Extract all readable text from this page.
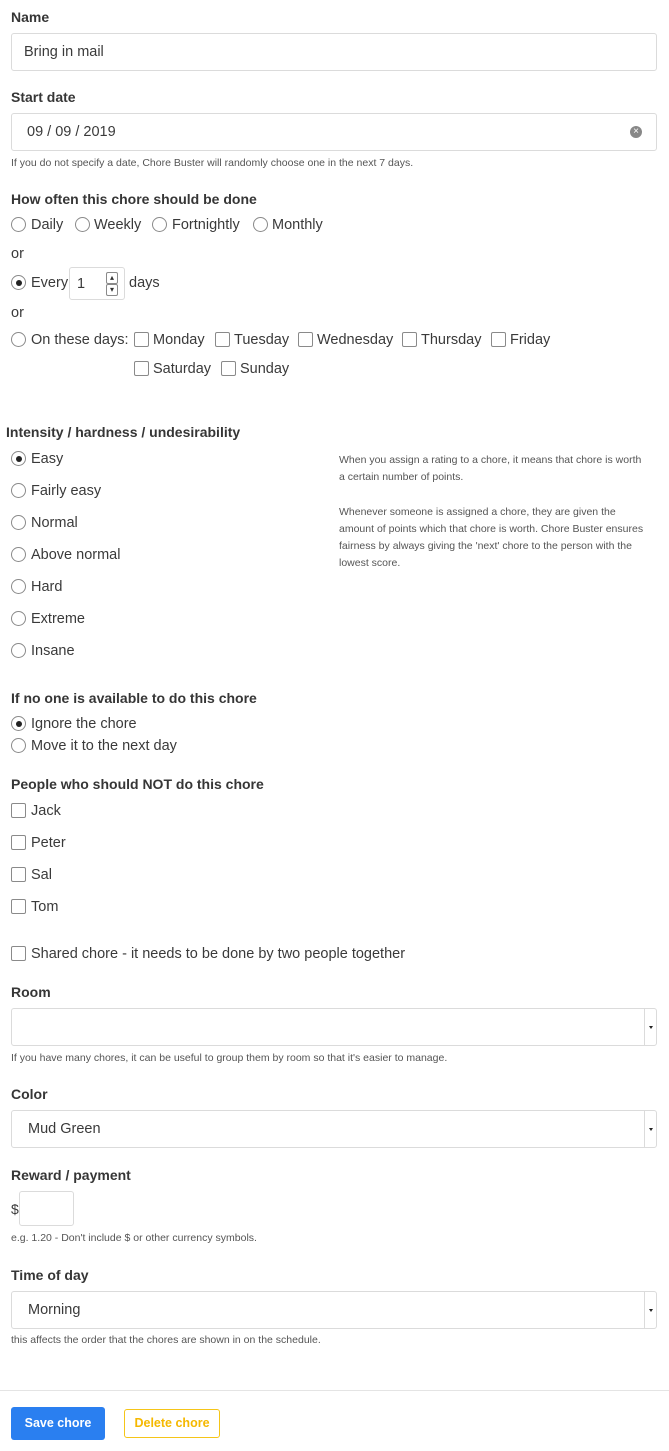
Name
Bring in mail
Start date
09 / 09 / 2019	×
If you do not specify a date, Chore Buster will randomly choose one in the next 7 days.
How often this chore should be done
Daily Weekly Fortnightly Monthly
or
Every 1	▴
▾ days
or
On these days: Monday Tuesday Wednesday Thursday Friday
Saturday Sunday
Intensity / hardness / undesirability
Easy
Fairly easy
Normal
Above normal
Hard
Extreme
Insane
When you assign a rating to a chore, it means that chore is worth a certain number of points.
Whenever someone is assigned a chore, they are given the amount of points which that chore is worth. Chore Buster ensures fairness by always giving the 'next' chore to the person with the lowest score.
If no one is available to do this chore
Ignore the chore
Move it to the next day
People who should NOT do this chore
Jack
Peter
Sal
Tom
Shared chore - it needs to be done by two people together
Room
If you have many chores, it can be useful to group them by room so that it's easier to manage.
Color
Mud Green
Reward / payment
$
e.g. 1.20 - Don't include $ or other currency symbols.
Time of day
Morning
this affects the order that the chores are shown in on the schedule.
Save chore	Delete chore
